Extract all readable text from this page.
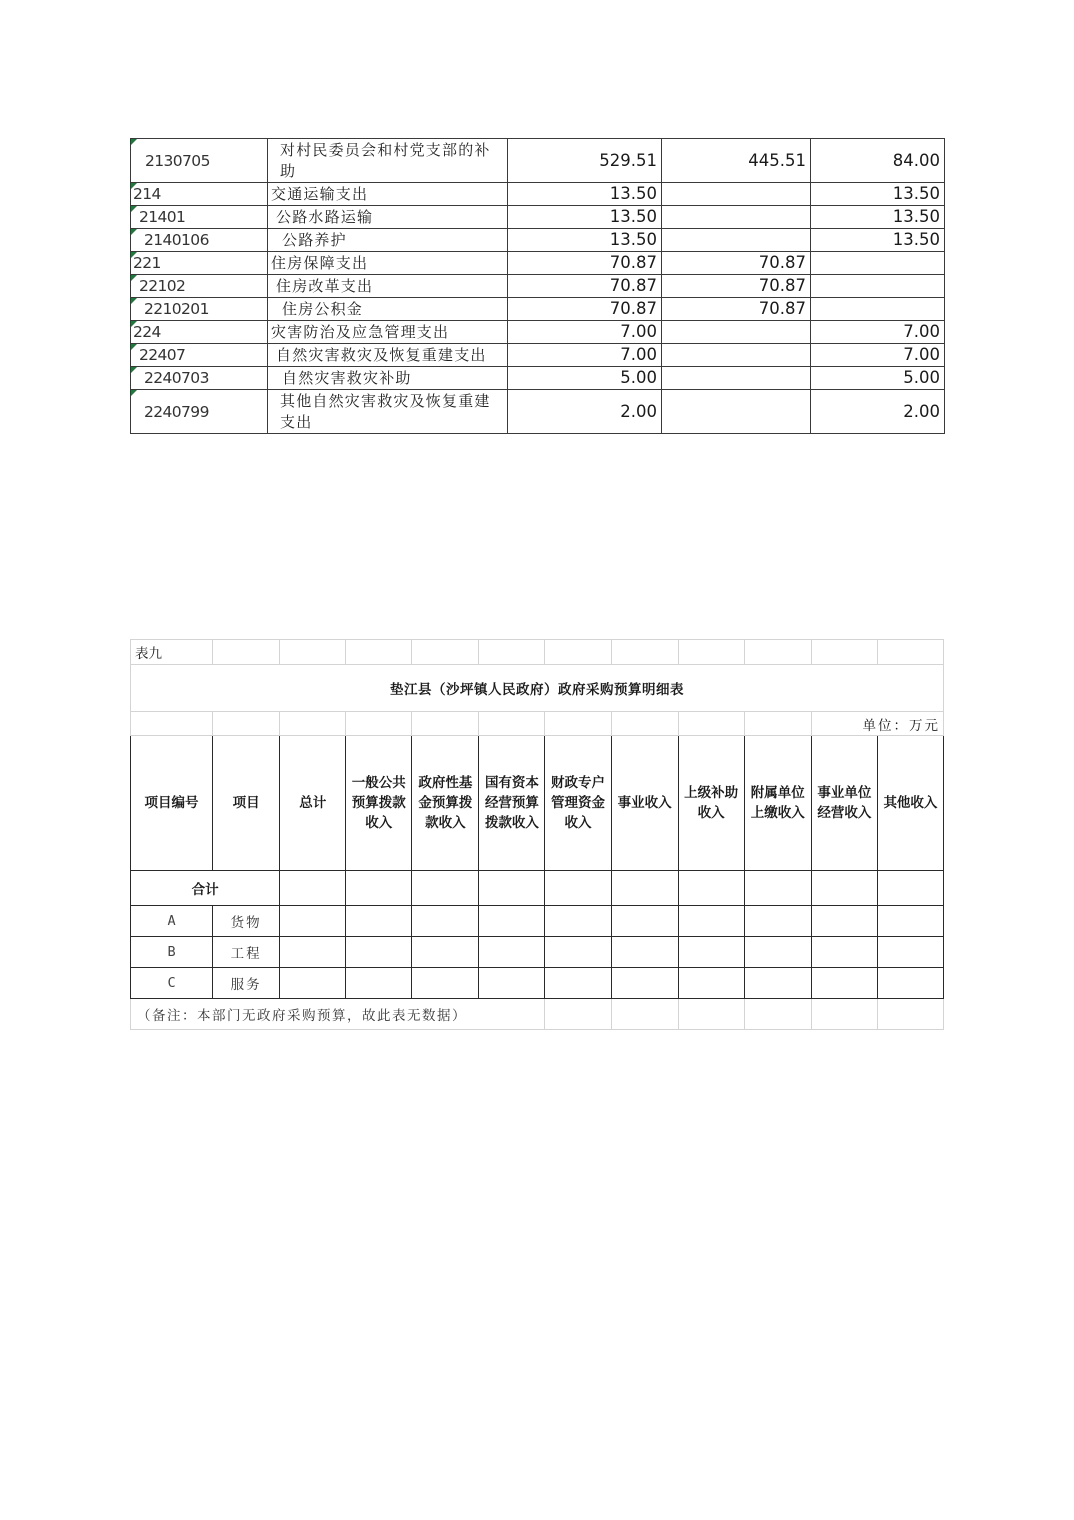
2130705	对村民委员会和村党支部的补助	529.51	445.51	84.00
214	交通运输支出	13.50		13.50
21401	公路水路运输	13.50		13.50
2140106	公路养护	13.50		13.50
221	住房保障支出	70.87	70.87	
22102	住房改革支出	70.87	70.87	
2210201	住房公积金	70.87	70.87	
224	灾害防治及应急管理支出	7.00		7.00
22407	自然灾害救灾及恢复重建支出	7.00		7.00
2240703	自然灾害救灾补助	5.00		5.00
2240799	其他自然灾害救灾及恢复重建支出	2.00		2.00
表九											
垫江县（沙坪镇人民政府）政府采购预算明细表											
										单位：万元	
项目编号	项目	总计	一般公共预算拨款收入	政府性基金预算拨款收入	国有资本经营预算拨款收入	财政专户管理资金收入	事业收入	上级补助收入	附属单位上缴收入	事业单位经营收入	其他收入
合计											
A	货物										
B	工程										
C	服务										
（备注：本部门无政府采购预算，故此表无数据）											
